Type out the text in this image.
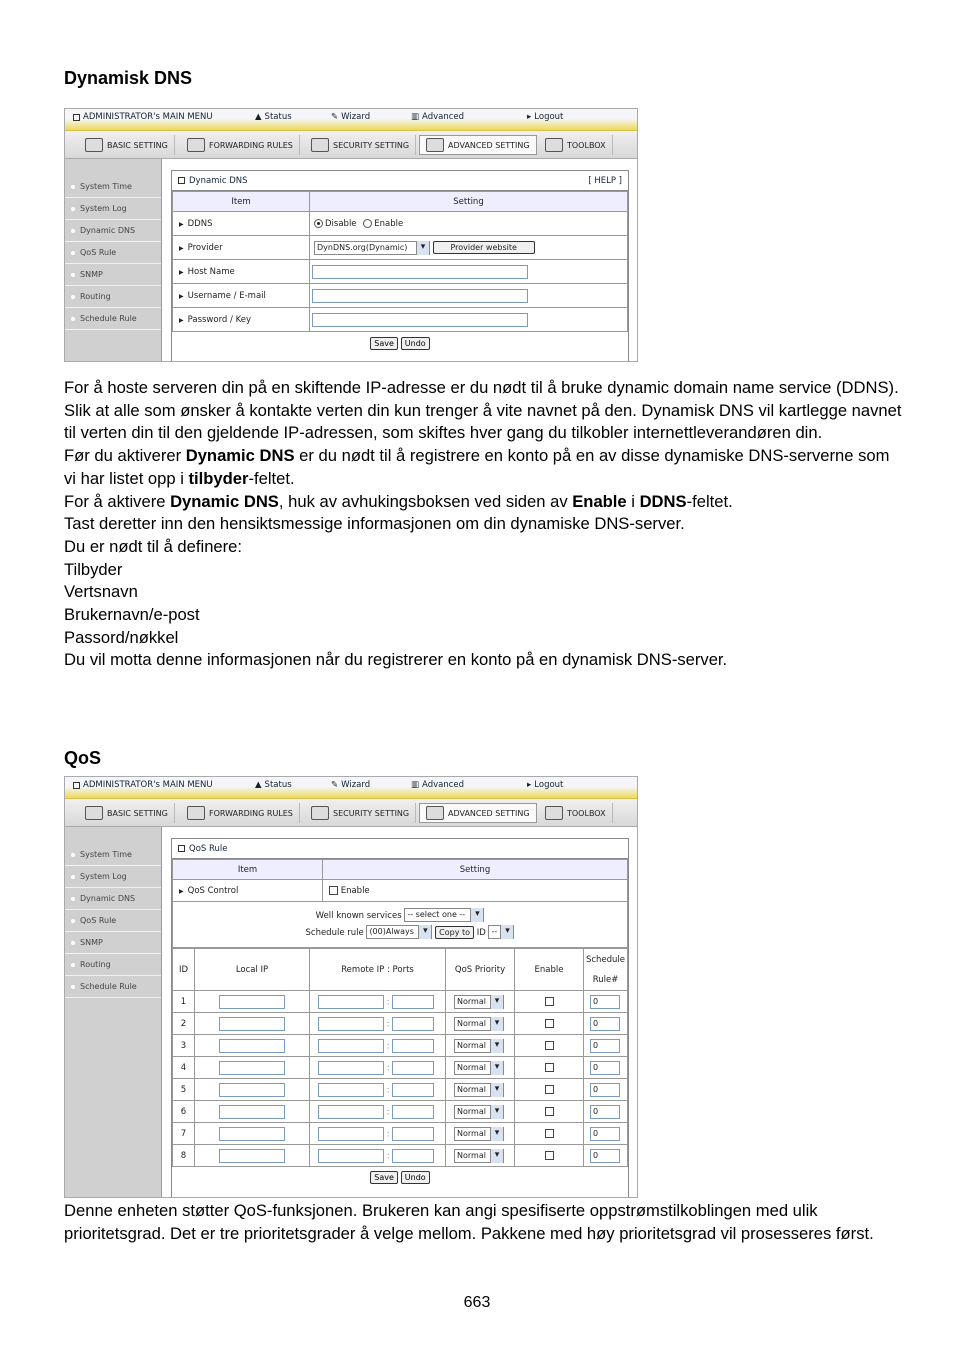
Dynamisk DNS
ADMINISTRATOR's MAIN MENU	▲ Status	✎ Wizard	▥ Advanced	▸ Logout
BASIC SETTING	FORWARDING RULES	SECURITY SETTING	ADVANCED SETTING	TOOLBOX
System Time
System Log
Dynamic DNS
QoS Rule
SNMP
Routing
Schedule Rule
Dynamic DNS	[ HELP ]
Item	Setting
▶ DDNS	Disable Enable
▶ Provider	DynDNS.org(Dynamic) ▾ Provider website
▶ Host Name	
▶ Username / E-mail	
▶ Password / Key	
Save Undo

For å hoste serveren din på en skiftende IP-adresse er du nødt til å bruke dynamic domain name service (DDNS).

Slik at alle som ønsker å kontakte verten din kun trenger å vite navnet på den. Dynamisk DNS vil kartlegge navnet til verten din til den gjeldende IP-adressen, som skiftes hver gang du tilkobler internettleverandøren din.

Før du aktiverer Dynamic DNS er du nødt til å registrere en konto på en av disse dynamiske DNS-serverne som vi har listet opp i tilbyder-feltet.

For å aktivere Dynamic DNS, huk av avhukingsboksen ved siden av Enable i DDNS-feltet.

Tast deretter inn den hensiktsmessige informasjonen om din dynamiske DNS-server.

Du er nødt til å definere:

Tilbyder

Vertsnavn

Brukernavn/e-post

Passord/nøkkel

Du vil motta denne informasjonen når du registrerer en konto på en dynamisk DNS-server.

QoS
ADMINISTRATOR's MAIN MENU	▲ Status	✎ Wizard	▥ Advanced	▸ Logout
BASIC SETTING	FORWARDING RULES	SECURITY SETTING	ADVANCED SETTING	TOOLBOX
System Time
System Log
Dynamic DNS
QoS Rule
SNMP
Routing
Schedule Rule
QoS Rule
Item	Setting
▶ QoS Control	Enable

Well known services -- select one -- ▾
Schedule rule (00)Always ▾ Copy to ID -- ▾
ID	Local IP	Remote IP : Ports	QoS Priority	Enable	Schedule
Rule#

1		:	Normal ▾		0
2		:	Normal ▾		0
3		:	Normal ▾		0
4		:	Normal ▾		0
5		:	Normal ▾		0
6		:	Normal ▾		0
7		:	Normal ▾		0
8		:	Normal ▾		0
Save Undo
Denne enheten støtter QoS-funksjonen. Brukeren kan angi spesifiserte oppstrømstilkoblingen med ulik prioritetsgrad. Det er tre prioritetsgrader å velge mellom. Pakkene med høy prioritetsgrad vil prosesseres først.
663
